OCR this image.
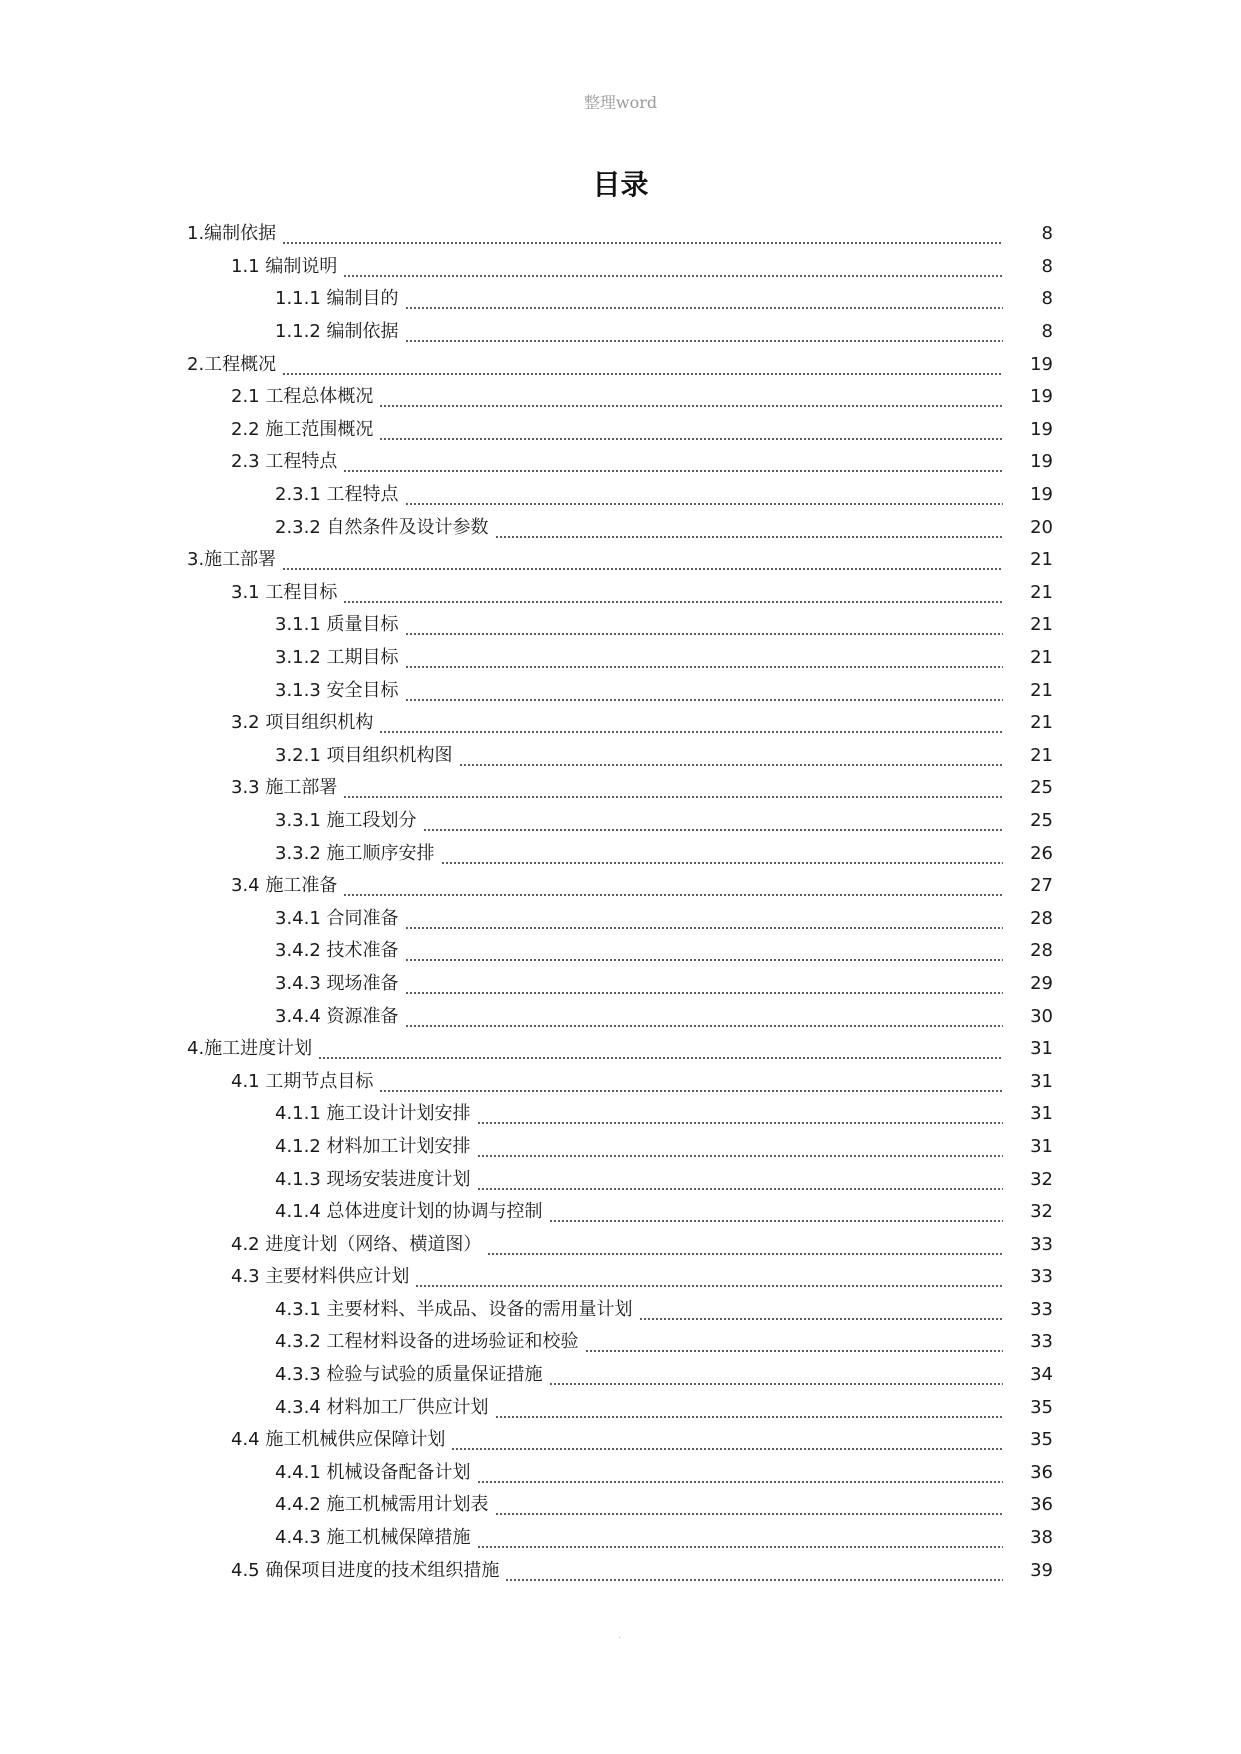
整理word
目录
1.编制依据	8
1.1 编制说明	8
1.1.1 编制目的	8
1.1.2 编制依据	8
2.工程概况	19
2.1 工程总体概况	19
2.2 施工范围概况	19
2.3 工程特点	19
2.3.1 工程特点	19
2.3.2 自然条件及设计参数	20
3.施工部署	21
3.1 工程目标	21
3.1.1 质量目标	21
3.1.2 工期目标	21
3.1.3 安全目标	21
3.2 项目组织机构	21
3.2.1 项目组织机构图	21
3.3 施工部署	25
3.3.1 施工段划分	25
3.3.2 施工顺序安排	26
3.4 施工准备	27
3.4.1 合同准备	28
3.4.2 技术准备	28
3.4.3 现场准备	29
3.4.4 资源准备	30
4.施工进度计划	31
4.1 工期节点目标	31
4.1.1 施工设计计划安排	31
4.1.2 材料加工计划安排	31
4.1.3 现场安装进度计划	32
4.1.4 总体进度计划的协调与控制	32
4.2 进度计划（网络、横道图）	33
4.3 主要材料供应计划	33
4.3.1 主要材料、半成品、设备的需用量计划	33
4.3.2 工程材料设备的进场验证和校验	33
4.3.3 检验与试验的质量保证措施	34
4.3.4 材料加工厂供应计划	35
4.4 施工机械供应保障计划	35
4.4.1 机械设备配备计划	36
4.4.2 施工机械需用计划表	36
4.4.3 施工机械保障措施	38
4.5 确保项目进度的技术组织措施	39
.
